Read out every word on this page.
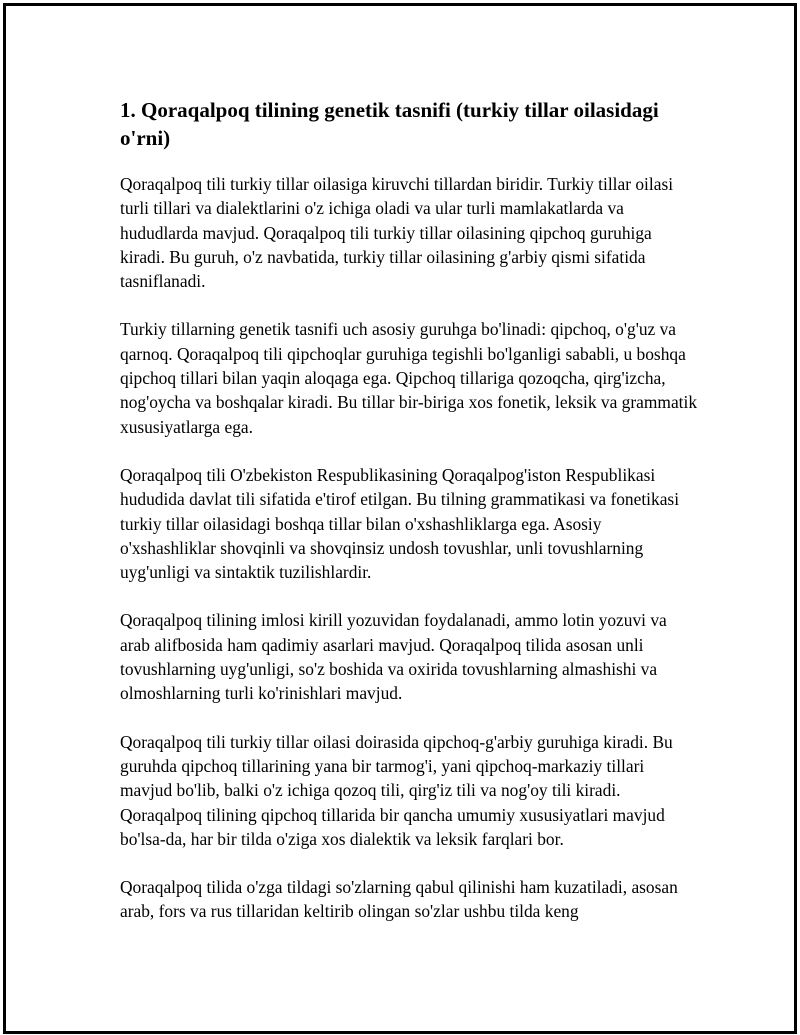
1. Qoraqalpoq tilining genetik tasnifi (turkiy tillar oilasidagi o'rni)

Qoraqalpoq tili turkiy tillar oilasiga kiruvchi tillardan biridir. Turkiy tillar oilasi turli tillari va dialektlarini o'z ichiga oladi va ular turli mamlakatlarda va hududlarda mavjud. Qoraqalpoq tili turkiy tillar oilasining qipchoq guruhiga kiradi. Bu guruh, o'z navbatida, turkiy tillar oilasining g'arbiy qismi sifatida tasniflanadi.

Turkiy tillarning genetik tasnifi uch asosiy guruhga bo'linadi: qipchoq, o'g'uz va qarnoq. Qoraqalpoq tili qipchoqlar guruhiga tegishli bo'lganligi sababli, u boshqa qipchoq tillari bilan yaqin aloqaga ega. Qipchoq tillariga qozoqcha, qirg'izcha, nog'oycha va boshqalar kiradi. Bu tillar bir-biriga xos fonetik, leksik va grammatik xususiyatlarga ega.

Qoraqalpoq tili O'zbekiston Respublikasining Qoraqalpog'iston Respublikasi hududida davlat tili sifatida e'tirof etilgan. Bu tilning grammatikasi va fonetikasi turkiy tillar oilasidagi boshqa tillar bilan o'xshashliklarga ega. Asosiy o'xshashliklar shovqinli va shovqinsiz undosh tovushlar, unli tovushlarning uyg'unligi va sintaktik tuzilishlardir.

Qoraqalpoq tilining imlosi kirill yozuvidan foydalanadi, ammo lotin yozuvi va arab alifbosida ham qadimiy asarlari mavjud. Qoraqalpoq tilida asosan unli tovushlarning uyg'unligi, so'z boshida va oxirida tovushlarning almashishi va olmoshlarning turli ko'rinishlari mavjud.

Qoraqalpoq tili turkiy tillar oilasi doirasida qipchoq-g'arbiy guruhiga kiradi. Bu guruhda qipchoq tillarining yana bir tarmog'i, yani qipchoq-markaziy tillari mavjud bo'lib, balki o'z ichiga qozoq tili, qirg'iz tili va nog'oy tili kiradi. Qoraqalpoq tilining qipchoq tillarida bir qancha umumiy xususiyatlari mavjud bo'lsa-da, har bir tilda o'ziga xos dialektik va leksik farqlari bor.

Qoraqalpoq tilida o'zga tildagi so'zlarning qabul qilinishi ham kuzatiladi, asosan arab, fors va rus tillaridan keltirib olingan so'zlar ushbu tilda keng
